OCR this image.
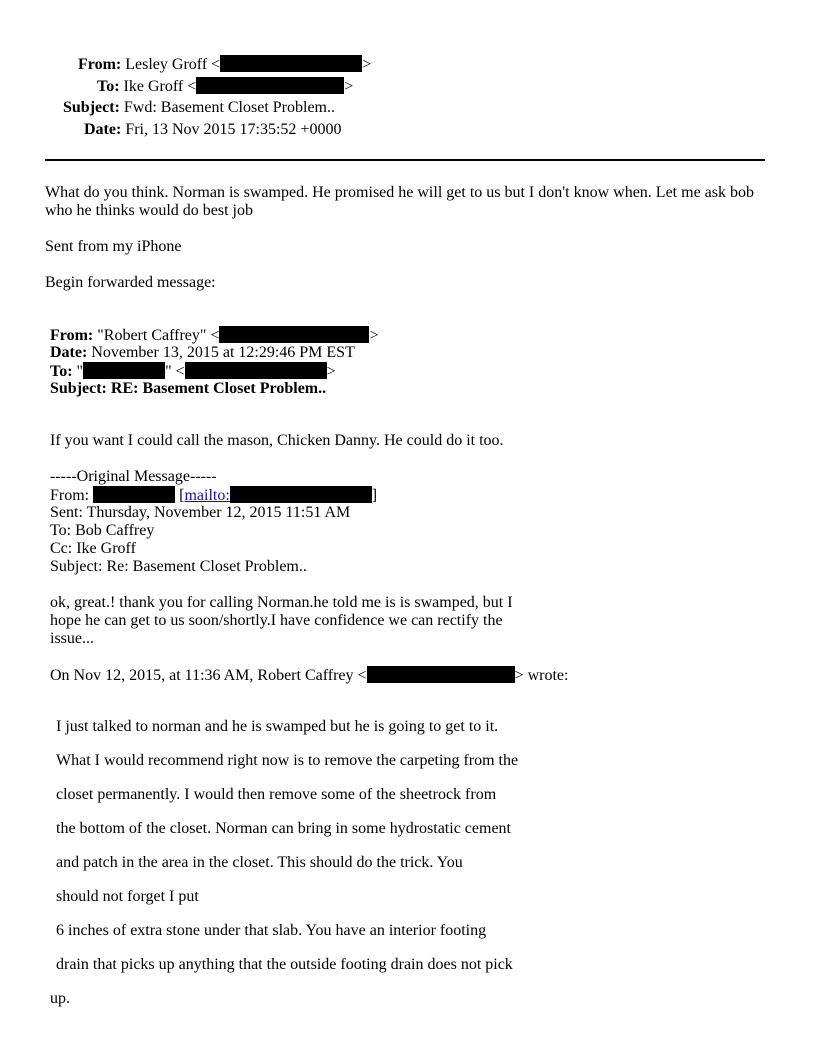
From: Lesley Groff <	>
To: Ike Groff <	>
Subject: Fwd: Basement Closet Problem..
Date: Fri, 13 Nov 2015 17:35:52 +0000
What do you think. Norman is swamped. He promised he will get to us but I don't know when. Let me ask bob
who he thinks would do best job
Sent from my iPhone
Begin forwarded message:
From: "Robert Caffrey" <	>
Date: November 13, 2015 at 12:29:46 PM EST
To: "	" <	>
Subject: RE: Basement Closet Problem..
If you want I could call the mason, Chicken Danny. He could do it too.
-----Original Message-----
From:	[mailto:	]
Sent: Thursday, November 12, 2015 11:51 AM
To: Bob Caffrey
Cc: Ike Groff
Subject: Re: Basement Closet Problem..
ok, great.! thank you for calling Norman.he told me is is swamped, but I
hope he can get to us soon/shortly.I have confidence we can rectify the
issue...
On Nov 12, 2015, at 11:36 AM, Robert Caffrey <	> wrote:
I just talked to norman and he is swamped but he is going to get to it.
What I would recommend right now is to remove the carpeting from the
closet permanently. I would then remove some of the sheetrock from
the bottom of the closet. Norman can bring in some hydrostatic cement
and patch in the area in the closet. This should do the trick. You
should not forget I put
6 inches of extra stone under that slab. You have an interior footing
drain that picks up anything that the outside footing drain does not pick
up.
